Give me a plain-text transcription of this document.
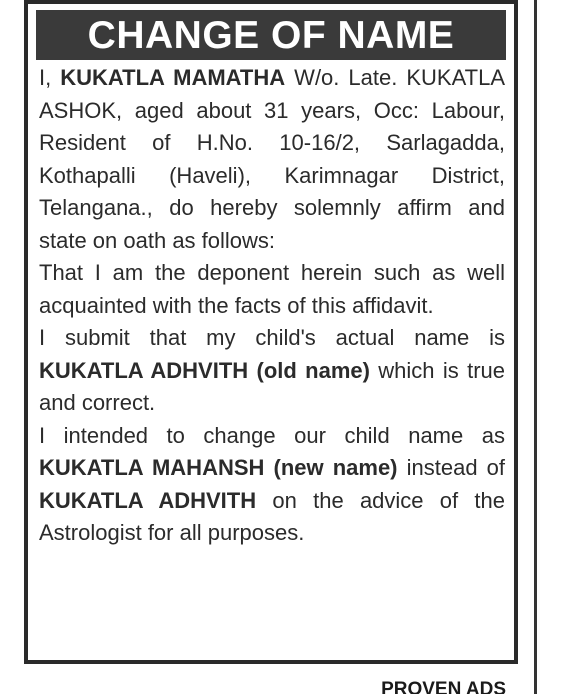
CHANGE OF NAME

I, KUKATLA MAMATHA W/o. Late. KUKATLA ASHOK, aged about 31 years, Occ: Labour, Resident of H.No. 10-16/2, Sarlagadda, Kothapalli (Haveli), Karimnagar District, Telangana., do hereby solemnly affirm and state on oath as follows:

That I am the deponent herein such as well acquainted with the facts of this affidavit.

I submit that my child's actual name is KUKATLA ADHVITH (old name) which is true and correct.

I intended to change our child name as KUKATLA MAHANSH (new name) instead of KUKATLA ADHVITH on the advice of the Astrologist for all purposes.

PROVEN ADS
